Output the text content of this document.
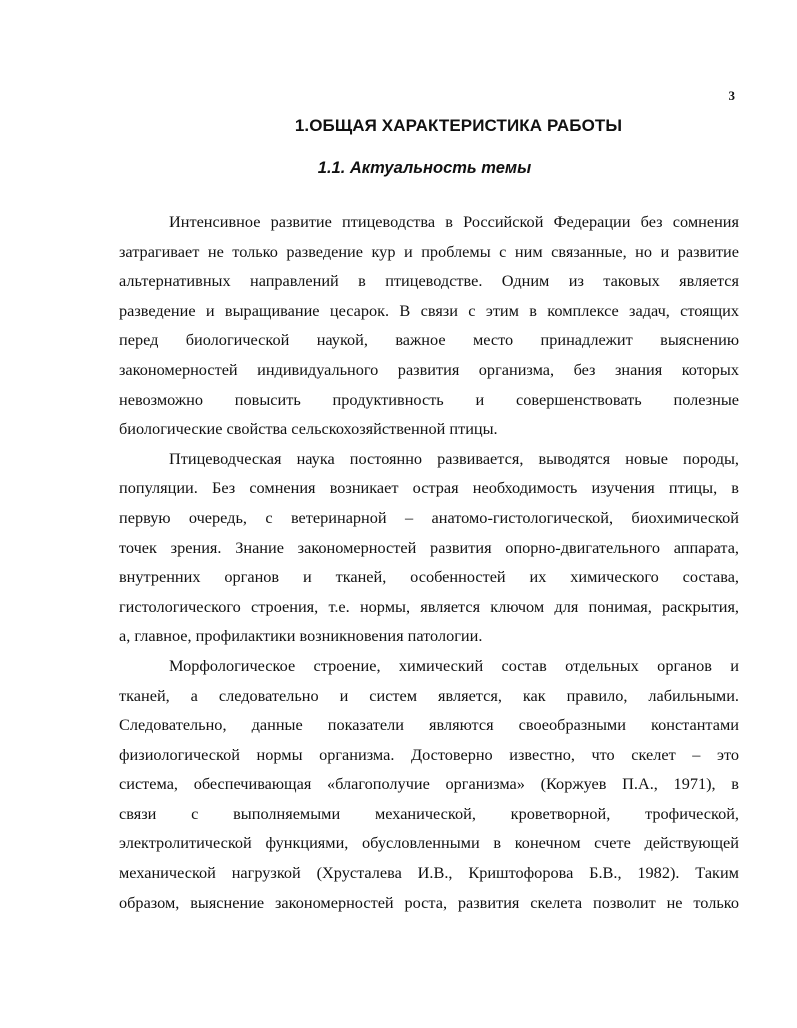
3
1.ОБЩАЯ ХАРАКТЕРИСТИКА РАБОТЫ
1.1. Актуальность темы
Интенсивное развитие птицеводства в Российской Федерации без сомнения
затрагивает не только разведение кур и проблемы с ним связанные, но и развитие
альтернативных направлений в птицеводстве. Одним из таковых является
разведение и выращивание цесарок. В связи с этим в комплексе задач, стоящих
перед биологической наукой, важное место принадлежит выяснению
закономерностей индивидуального развития организма, без знания которых
невозможно повысить продуктивность и совершенствовать полезные
биологические свойства сельскохозяйственной птицы.
Птицеводческая наука постоянно развивается, выводятся новые породы,
популяции. Без сомнения возникает острая необходимость изучения птицы, в
первую очередь, с ветеринарной – анатомо-гистологической, биохимической
точек зрения. Знание закономерностей развития опорно-двигательного аппарата,
внутренних органов и тканей, особенностей их химического состава,
гистологического строения, т.е. нормы, является ключом для понимая, раскрытия,
а, главное, профилактики возникновения патологии.
Морфологическое строение, химический состав отдельных органов и
тканей, а следовательно и систем является, как правило, лабильными.
Следовательно, данные показатели являются своеобразными константами
физиологической нормы организма. Достоверно известно, что скелет – это
система, обеспечивающая «благополучие организма» (Коржуев П.А., 1971), в
связи с выполняемыми механической, кроветворной, трофической,
электролитической функциями, обусловленными в конечном счете действующей
механической нагрузкой (Хрусталева И.В., Криштофорова Б.В., 1982). Таким
образом, выяснение закономерностей роста, развития скелета позволит не только
